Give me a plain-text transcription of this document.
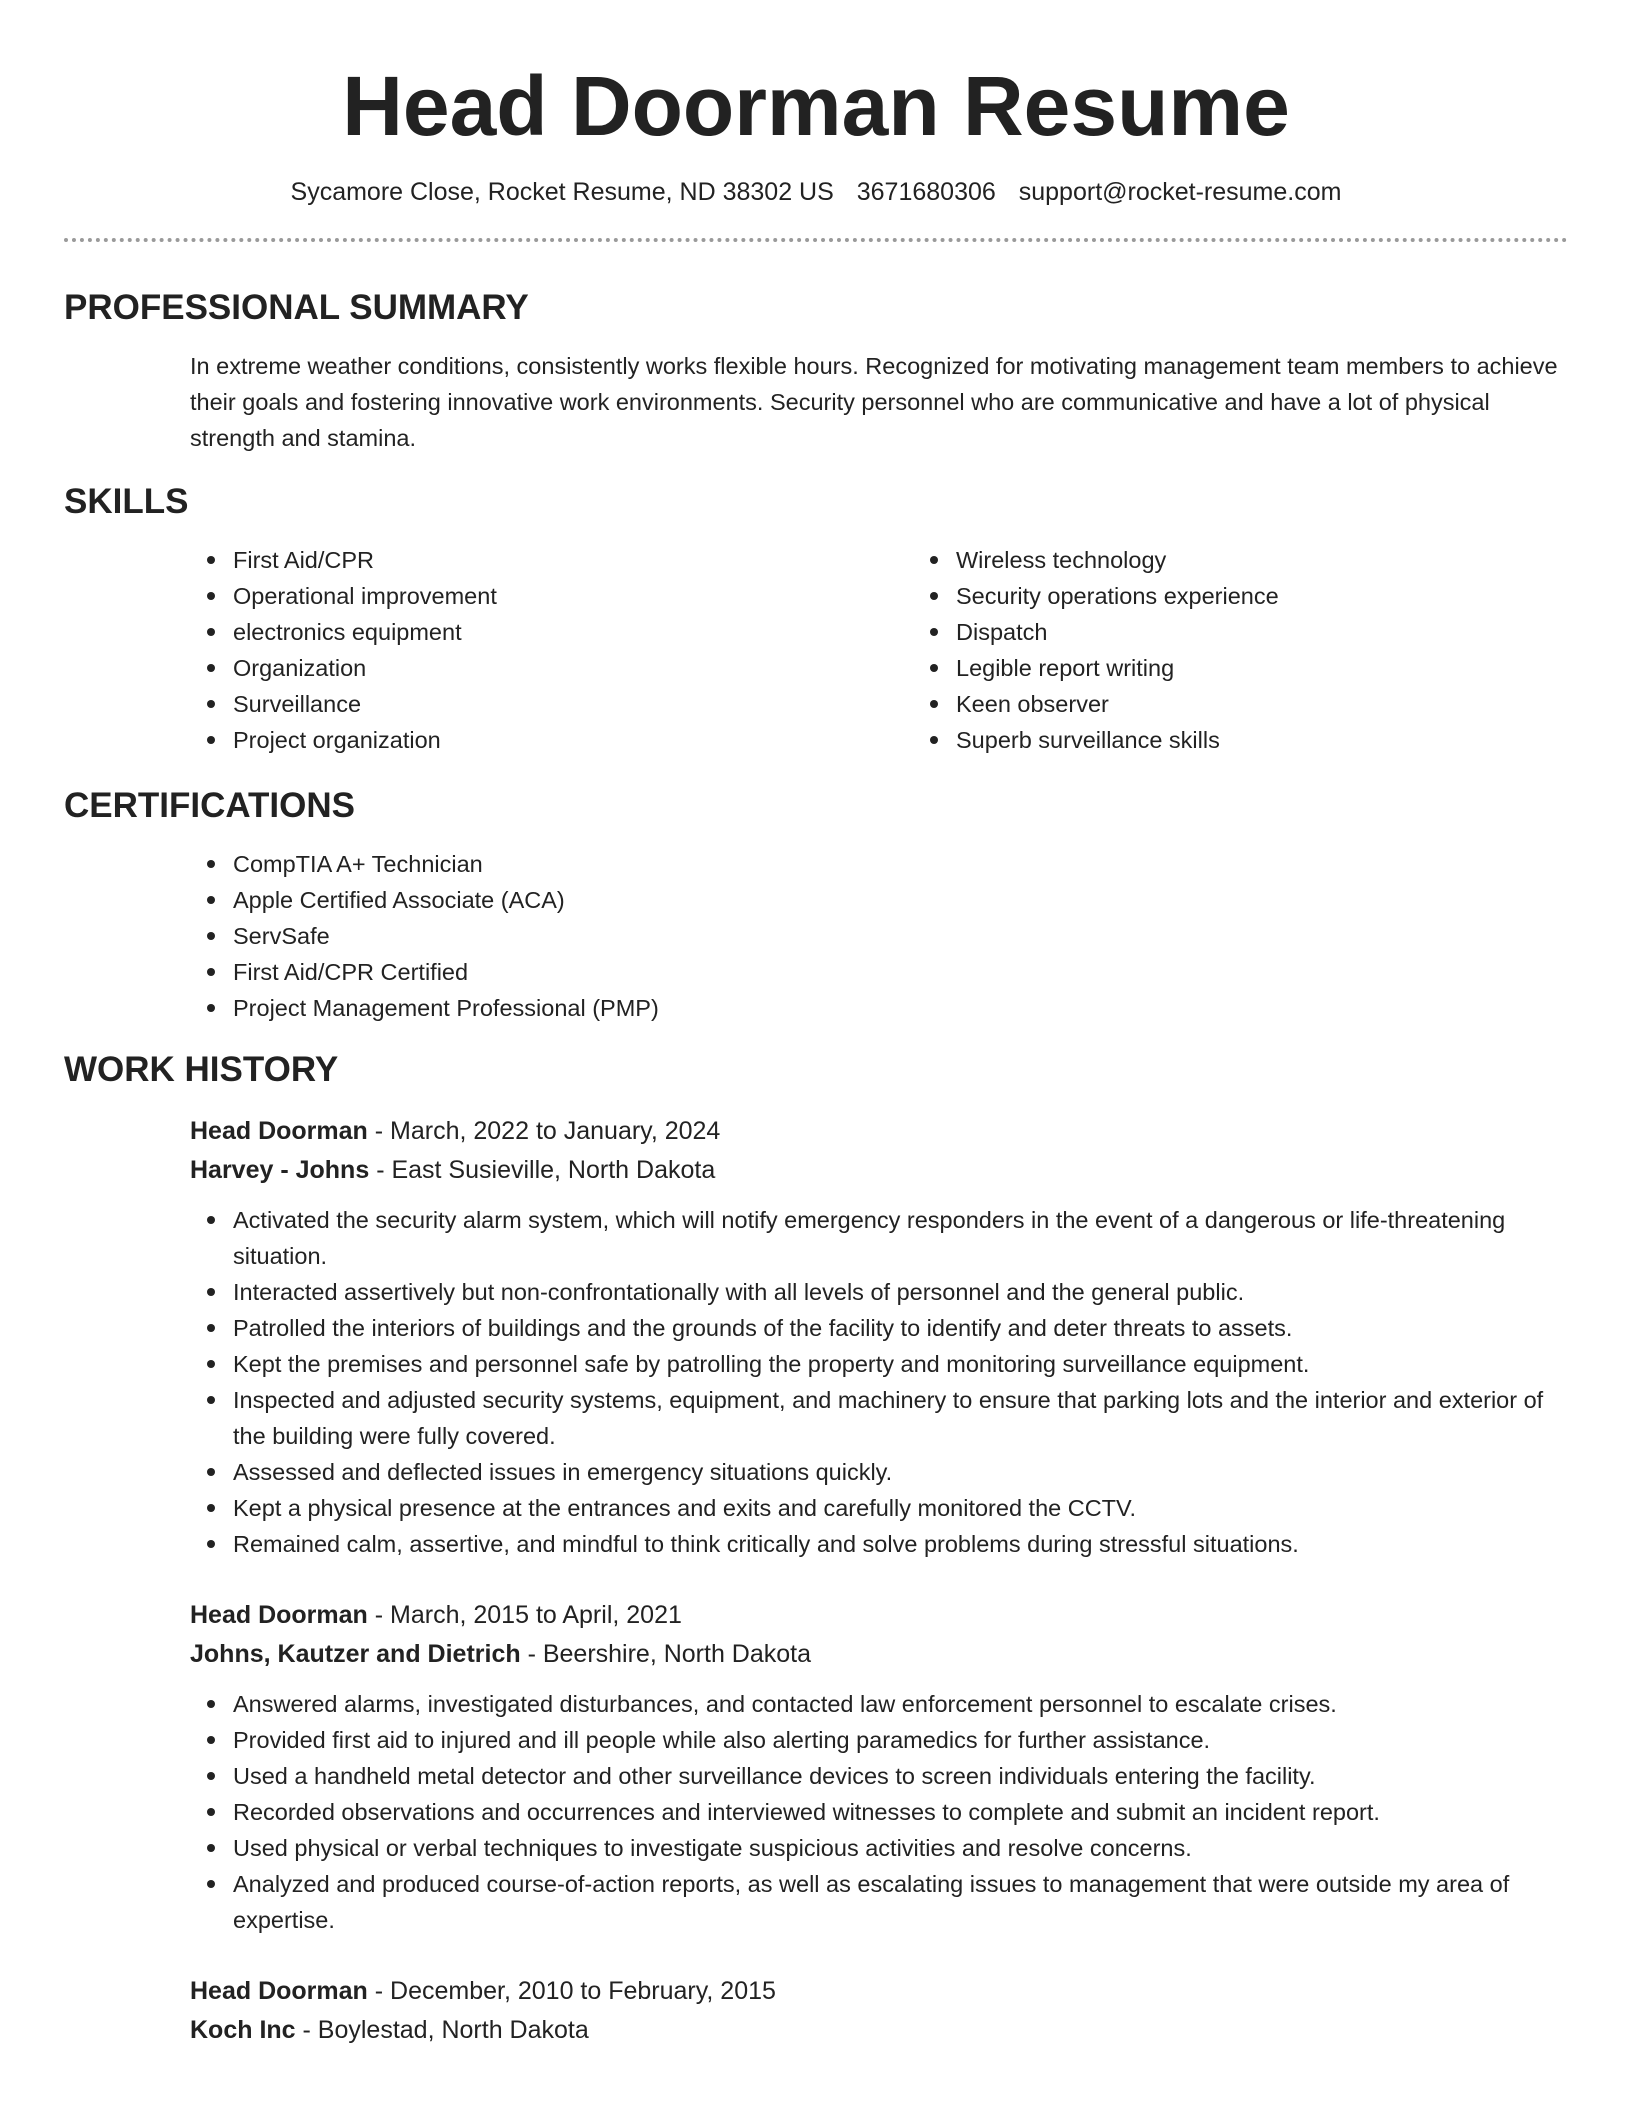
Head Doorman Resume
Sycamore Close, Rocket Resume, ND 38302 US 3671680306 support@rocket-resume.com
PROFESSIONAL SUMMARY

In extreme weather conditions, consistently works flexible hours. Recognized for motivating management team members to achieve their goals and fostering innovative work environments. Security personnel who are communicative and have a lot of physical strength and stamina.

SKILLS
First Aid/CPR
Operational improvement
electronics equipment
Organization
Surveillance
Project organization
Wireless technology
Security operations experience
Dispatch
Legible report writing
Keen observer
Superb surveillance skills
CERTIFICATIONS
CompTIA A+ Technician
Apple Certified Associate (ACA)
ServSafe
First Aid/CPR Certified
Project Management Professional (PMP)
WORK HISTORY
Head Doorman - March, 2022 to January, 2024
Harvey - Johns - East Susieville, North Dakota
Activated the security alarm system, which will notify emergency responders in the event of a dangerous or life-threatening situation.
Interacted assertively but non-confrontationally with all levels of personnel and the general public.
Patrolled the interiors of buildings and the grounds of the facility to identify and deter threats to assets.
Kept the premises and personnel safe by patrolling the property and monitoring surveillance equipment.
Inspected and adjusted security systems, equipment, and machinery to ensure that parking lots and the interior and exterior of the building were fully covered.
Assessed and deflected issues in emergency situations quickly.
Kept a physical presence at the entrances and exits and carefully monitored the CCTV.
Remained calm, assertive, and mindful to think critically and solve problems during stressful situations.
Head Doorman - March, 2015 to April, 2021
Johns, Kautzer and Dietrich - Beershire, North Dakota
Answered alarms, investigated disturbances, and contacted law enforcement personnel to escalate crises.
Provided first aid to injured and ill people while also alerting paramedics for further assistance.
Used a handheld metal detector and other surveillance devices to screen individuals entering the facility.
Recorded observations and occurrences and interviewed witnesses to complete and submit an incident report.
Used physical or verbal techniques to investigate suspicious activities and resolve concerns.
Analyzed and produced course-of-action reports, as well as escalating issues to management that were outside my area of expertise.
Head Doorman - December, 2010 to February, 2015
Koch Inc - Boylestad, North Dakota
